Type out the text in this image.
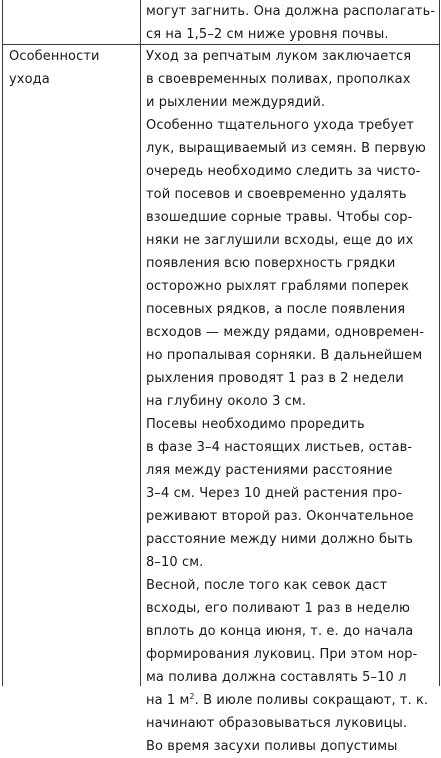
могут загнить. Она должна располагать-
ся на 1,5–2 см ниже уровня почвы.
Особенности
ухода
Уход за репчатым луком заключается
в своевременных поливах, прополках
и рыхлении междурядий.
Особенно тщательного ухода требует
лук, выращиваемый из семян. В первую
очередь необходимо следить за чисто-
той посевов и своевременно удалять
взошедшие сорные травы. Чтобы сор-
няки не заглушили всходы, еще до их
появления всю поверхность грядки
осторожно рыхлят граблями поперек
посевных рядков, а после появления
всходов — между рядами, одновремен-
но пропалывая сорняки. В дальнейшем
рыхления проводят 1 раз в 2 недели
на глубину около 3 см.
Посевы необходимо проредить
в фазе 3–4 настоящих листьев, остав-
ляя между растениями расстояние
3–4 см. Через 10 дней растения про-
реживают второй раз. Окончательное
расстояние между ними должно быть
8–10 см.
Весной, после того как севок даст
всходы, его поливают 1 раз в неделю
вплоть до конца июня, т. е. до начала
формирования луковиц. При этом нор-
ма полива должна составлять 5–10 л
на 1 $м^2$. В июле поливы сокращают, т. к.
начинают образовываться луковицы.
Во время засухи поливы допустимы
